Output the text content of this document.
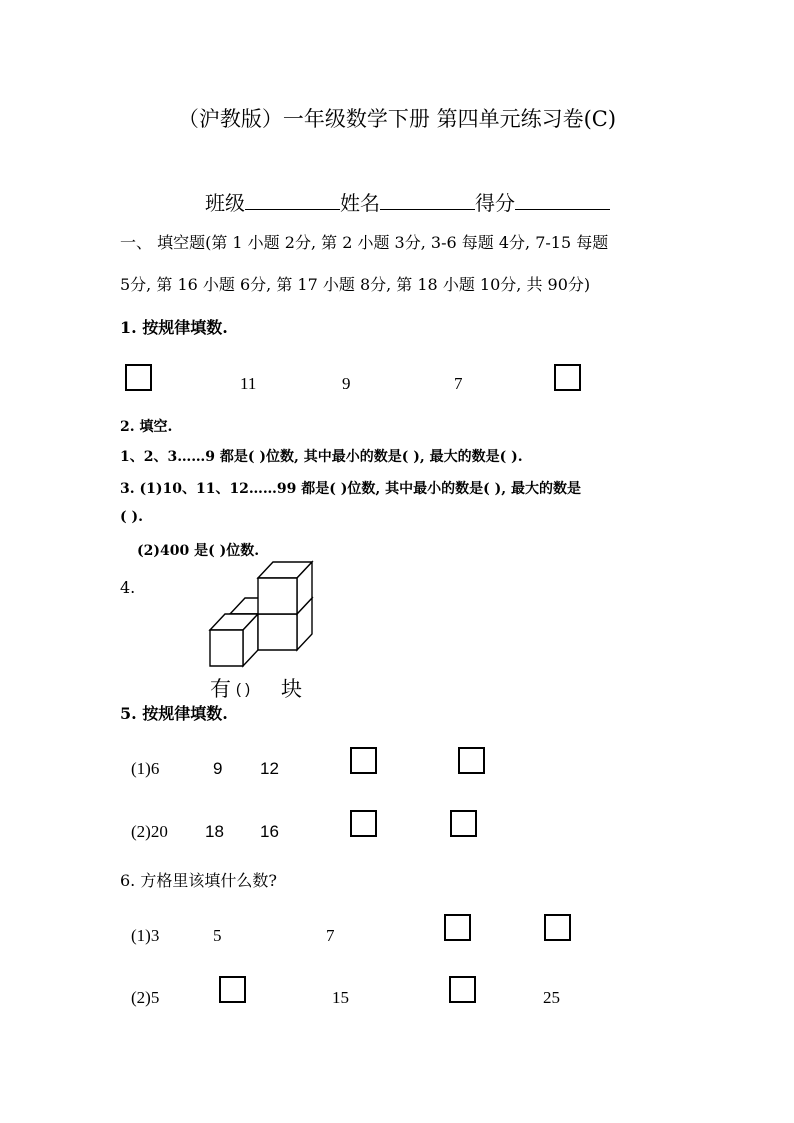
（沪教版）一年级数学下册 第四单元练习卷(C)
班级	姓名	得分
一、 填空题(第 1 小题 2分, 第 2 小题 3分, 3-6 每题 4分, 7-15 每题
5分, 第 16 小题 6分, 第 17 小题 8分, 第 18 小题 10分, 共 90分)
1. 按规律填数.
11	9	7
2. 填空.
1、2、3……9 都是( )位数, 其中最小的数是( ), 最大的数是( ).
3. (1)10、11、12……99 都是( )位数, 其中最小的数是( ), 最大的数是
( ).
(2)400 是( )位数.
4.
有 ( ) 块
5. 按规律填数.
(1)6	9 12
(2)20 18 16
6. 方格里该填什么数?
(1)3	5	7
(2)5	15	25
